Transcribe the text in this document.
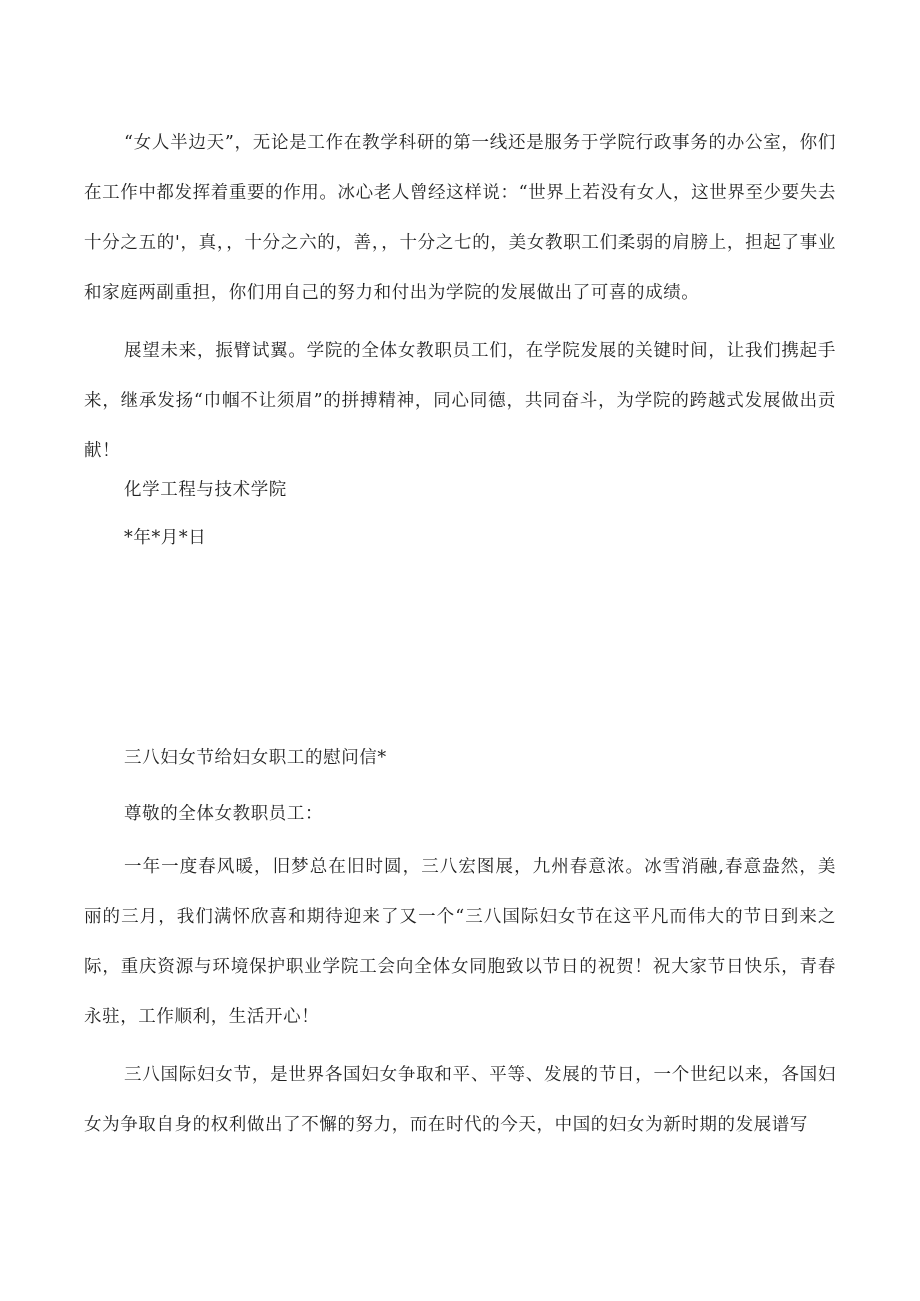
“女人半边天”，无论是工作在教学科研的第一线还是服务于学院行政事务的办公室，你们在工作中都发挥着重要的作用。冰心老人曾经这样说：“世界上若没有女人，这世界至少要失去十分之五的'，真，，十分之六的，善，，十分之七的，美女教职工们柔弱的肩膀上，担起了事业和家庭两副重担，你们用自己的努力和付出为学院的发展做出了可喜的成绩。

展望未来，振臂试翼。学院的全体女教职员工们，在学院发展的关键时间，让我们携起手来，继承发扬“巾帼不让须眉”的拼搏精神，同心同德，共同奋斗，为学院的跨越式发展做出贡献！

化学工程与技术学院

*年*月*日

三八妇女节给妇女职工的慰问信*

尊敬的全体女教职员工：

一年一度春风暖，旧梦总在旧时圆，三八宏图展，九州春意浓。冰雪消融,春意盎然，美丽的三月，我们满怀欣喜和期待迎来了又一个“三八国际妇女节在这平凡而伟大的节日到来之际，重庆资源与环境保护职业学院工会向全体女同胞致以节日的祝贺！祝大家节日快乐，青春永驻，工作顺利，生活开心！

三八国际妇女节，是世界各国妇女争取和平、平等、发展的节日，一个世纪以来，各国妇女为争取自身的权利做出了不懈的努力，而在时代的今天，中国的妇女为新时期的发展谱写
